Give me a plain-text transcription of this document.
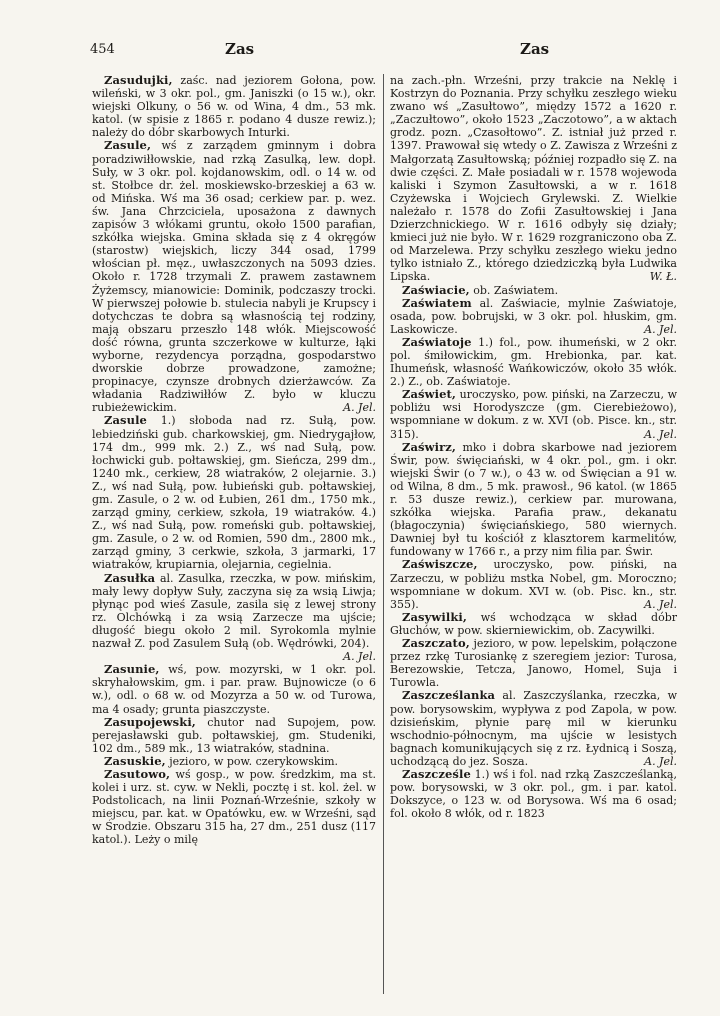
454	Zas	Zas

Zasudujki, zaśc. nad jeziorem Gołona, pow. wileński, w 3 okr. pol., gm. Janiszki (o 15 w.), okr. wiejski Olkuny, o 56 w. od Wina, 4 dm., 53 mk. katol. (w spisie z 1865 r. podano 4 dusze rewiz.); należy do dóbr skarbowych Inturki.

Zasule, wś z zarządem gminnym i dobra poradziwiłłowskie, nad rzką Zasulką, lew. dopł. Suły, w 3 okr. pol. kojdanowskim, odl. o 14 w. od st. Stołbce dr. żel. moskiewsko-brzeskiej a 63 w. od Mińska. Wś ma 36 osad; cerkiew par. p. wez. św. Jana Chrzciciela, uposażona z dawnych zapisów 3 włókami gruntu, około 1500 parafian, szkółka wiejska. Gmina składa się z 4 okręgów (starostw) wiejskich, liczy 344 osad, 1799 włościan pł. męz., uwłaszczonych na 5093 dzies. Około r. 1728 trzymali Z. prawem zastawnem Żyżemscy, mianowicie: Dominik, podczaszy trocki. W pierwszej połowie b. stulecia nabyli je Krupscy i dotychczas te dobra są własnością tej rodziny, mają obszaru przeszło 148 włók. Miejscowość dość równa, grunta szczerkowe w kulturze, łąki wyborne, rezydencya porządna, gospodarstwo dworskie dobrze prowadzone, zamożne; propinacye, czynsze drobnych dzierżawców. Za władania Radziwiłłów Z. było w kluczu rubieżewickim.	A. Jel.

Zasule 1.) słoboda nad rz. Sułą, pow. lebiedziński gub. charkowskiej, gm. Niedrygajłow, 174 dm., 999 mk. 2.) Z., wś nad Sułą, pow. łochwicki gub. połtawskiej, gm. Sieńcza, 299 dm., 1240 mk., cerkiew, 28 wiatraków, 2 olejarnie. 3.) Z., wś nad Sułą, pow. łubieński gub. połtawskiej, gm. Zasule, o 2 w. od Łubien, 261 dm., 1750 mk., zarząd gminy, cerkiew, szkoła, 19 wiatraków. 4.) Z., wś nad Sułą, pow. romeński gub. połtawskiej, gm. Zasule, o 2 w. od Romien, 590 dm., 2800 mk., zarząd gminy, 3 cerkwie, szkoła, 3 jarmarki, 17 wiatraków, krupiarnia, olejarnia, cegielnia.

Zasułka al. Zasulka, rzeczka, w pow. mińskim, mały lewy dopływ Suły, zaczyna się za wsią Liwja; płynąc pod wieś Zasule, zasila się z lewej strony rz. Olchówką i za wsią Zarzecze ma ujście; długość biegu około 2 mil. Syrokomla mylnie nazwał Z. pod Zasulem Sułą (ob. Wędrówki, 204).
A. Jel.

Zasunie, wś, pow. mozyrski, w 1 okr. pol. skryhałowskim, gm. i par. praw. Bujnowicze (o 6 w.), odl. o 68 w. od Mozyrza a 50 w. od Turowa, ma 4 osady; grunta piaszczyste.

Zasupojewski, chutor nad Supojem, pow. perejasławski gub. połtawskiej, gm. Studeniki, 102 dm., 589 mk., 13 wiatraków, stadnina.

Zasuskie, jezioro, w pow. czerykowskim.

Zasutowo, wś gosp., w pow. średzkim, ma st. kolei i urz. st. cyw. w Nekli, pocztę i st. kol. żel. w Podstolicach, na linii Poznań-Wrześnie, szkoły w miejscu, par. kat. w Opatówku, ew. w Wrześni, sąd w Środzie. Obszaru 315 ha, 27 dm., 251 dusz (117 katol.). Leży o milę

na zach.-płn. Wrześni, przy trakcie na Neklę i Kostrzyn do Poznania. Przy schyłku zeszłego wieku zwano wś „Zasułtowo”, między 1572 a 1620 r. „Zaczułtowo”, około 1523 „Zaczotowo”, a w aktach grodz. pozn. „Czasołtowo”. Z. istniał już przed r. 1397. Prawował się wtedy o Z. Zawisza z Wrześni z Małgorzatą Zasułtowską; później rozpadło się Z. na dwie części. Z. Małe posiadali w r. 1578 wojewoda kaliski i Szymon Zasułtowski, a w r. 1618 Czyżewska i Wojciech Grylewski. Z. Wielkie należało r. 1578 do Zofii Zasułtowskiej i Jana Dzierzchnickiego. W r. 1616 odbyły się działy; kmieci już nie było. W r. 1629 rozgraniczono oba Z. od Marzelewa. Przy schyłku zeszłego wieku jedno tylko istniało Z., którego dziedziczką była Ludwika Lipska.	W. Ł.

Zaświacie, ob. Zaświatem.

Zaświatem al. Zaświacie, mylnie Zaświatoje, osada, pow. bobrujski, w 3 okr. pol. hłuskim, gm. Laskowicze.	A. Jel.

Zaświatoje 1.) fol., pow. ihumeński, w 2 okr. pol. śmiłowickim, gm. Hrebionka, par. kat. Ihumeńsk, własność Wańkowiczów, około 35 włók. 2.) Z., ob. Zaświatoje.

Zaświet, uroczysko, pow. piński, na Zarzeczu, w pobliżu wsi Horodyszcze (gm. Cierebieżowo), wspomniane w dokum. z w. XVI (ob. Pisce. kn., str. 315).	A. Jel.

Zaświrz, mko i dobra skarbowe nad jeziorem Świr, pow. święciański, w 4 okr. pol., gm. i okr. wiejski Świr (o 7 w.), o 43 w. od Święcian a 91 w. od Wilna, 8 dm., 5 mk. prawosł., 96 katol. (w 1865 r. 53 dusze rewiz.), cerkiew par. murowana, szkółka wiejska. Parafia praw., dekanatu (błagoczynia) święciańskiego, 580 wiernych. Dawniej był tu kościół z klasztorem karmelitów, fundowany w 1766 r., a przy nim filia par. Świr.

Zaświszcze, uroczysko, pow. piński, na Zarzeczu, w pobliżu mstka Nobel, gm. Moroczno; wspomniane w dokum. XVI w. (ob. Pisc. kn., str. 355).	A. Jel.

Zasywilki, wś wchodząca w skład dóbr Głuchów, w pow. skierniewickim, ob. Zacywilki.

Zaszczato, jezioro, w pow. lepelskim, połączone przez rzkę Turosiankę z szeregiem jezior: Turosa, Berezowskie, Tetcza, Janowo, Homel, Suja i Turowla.

Zaszcześlanka al. Zaszczyślanka, rzeczka, w pow. borysowskim, wypływa z pod Zapola, w pow. dzisieńskim, płynie parę mil w kierunku wschodnio-północnym, ma ujście w lesistych bagnach komunikujących się z rz. Łydnicą i Soszą, uchodzącą do jez. Sosza.	A. Jel.

Zaszcześle 1.) wś i fol. nad rzką Zaszcześlanką, pow. borysowski, w 3 okr. pol., gm. i par. katol. Dokszyce, o 123 w. od Borysowa. Wś ma 6 osad; fol. około 8 włók, od r. 1823
